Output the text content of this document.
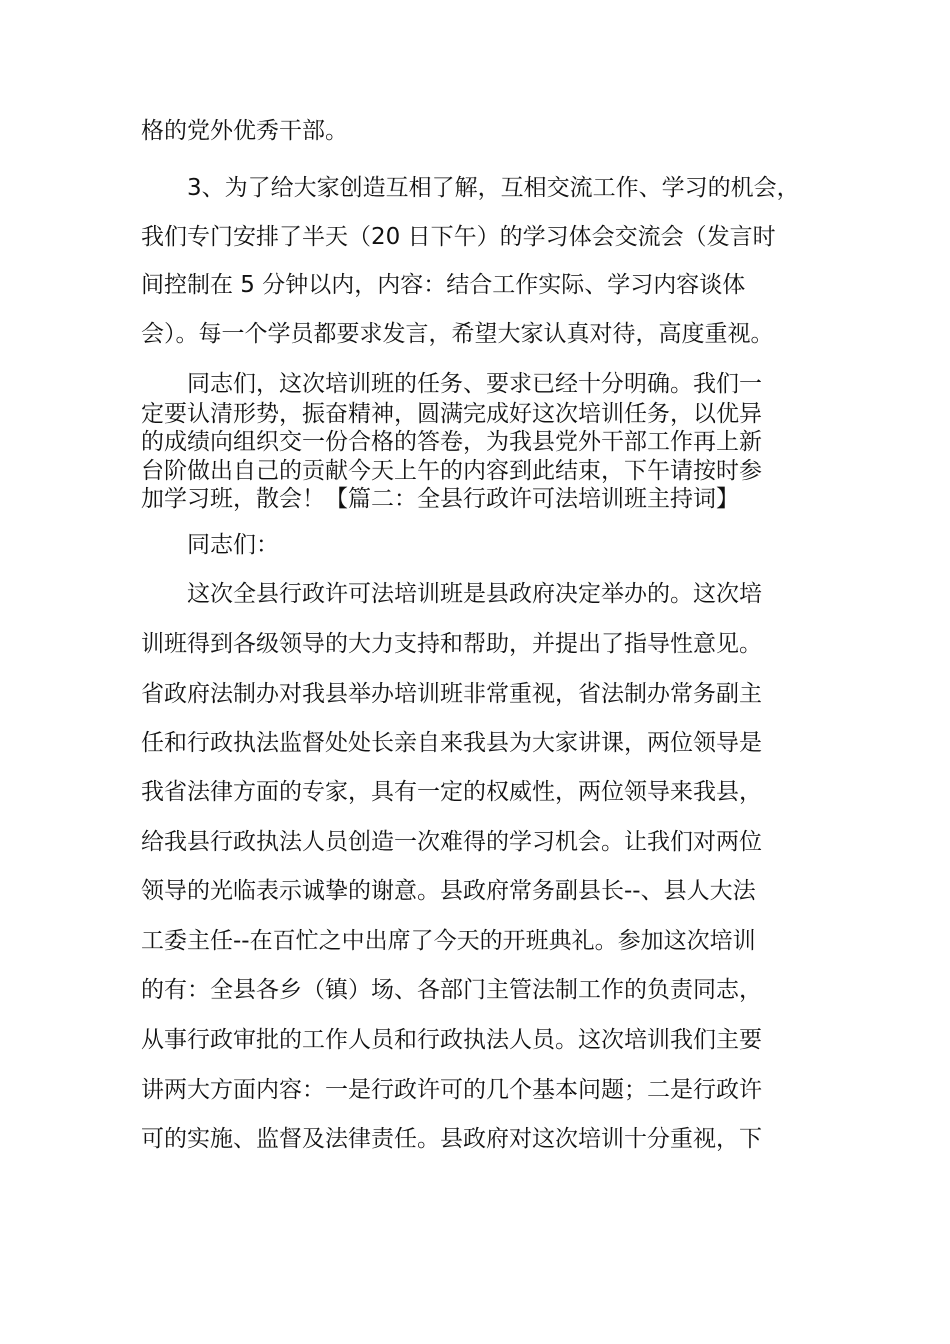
格的党外优秀干部。
3、为了给大家创造互相了解，互相交流工作、学习的机会，
我们专门安排了半天（20 日下午）的学习体会交流会（发言时
间控制在 5 分钟以内，内容：结合工作实际、学习内容谈体
会）。每一个学员都要求发言，希望大家认真对待，高度重视。
同志们，这次培训班的任务、要求已经十分明确。我们一
定要认清形势，振奋精神，圆满完成好这次培训任务，以优异
的成绩向组织交一份合格的答卷，为我县党外干部工作再上新
台阶做出自己的贡献今天上午的内容到此结束，下午请按时参
加学习班，散会！【篇二：全县行政许可法培训班主持词】
同志们：
这次全县行政许可法培训班是县政府决定举办的。这次培
训班得到各级领导的大力支持和帮助，并提出了指导性意见。
省政府法制办对我县举办培训班非常重视，省法制办常务副主
任和行政执法监督处处长亲自来我县为大家讲课，两位领导是
我省法律方面的专家，具有一定的权威性，两位领导来我县，
给我县行政执法人员创造一次难得的学习机会。让我们对两位
领导的光临表示诚挚的谢意。县政府常务副县长--、县人大法
工委主任--在百忙之中出席了今天的开班典礼。参加这次培训
的有：全县各乡（镇）场、各部门主管法制工作的负责同志，
从事行政审批的工作人员和行政执法人员。这次培训我们主要
讲两大方面内容：一是行政许可的几个基本问题；二是行政许
可的实施、监督及法律责任。县政府对这次培训十分重视，下
